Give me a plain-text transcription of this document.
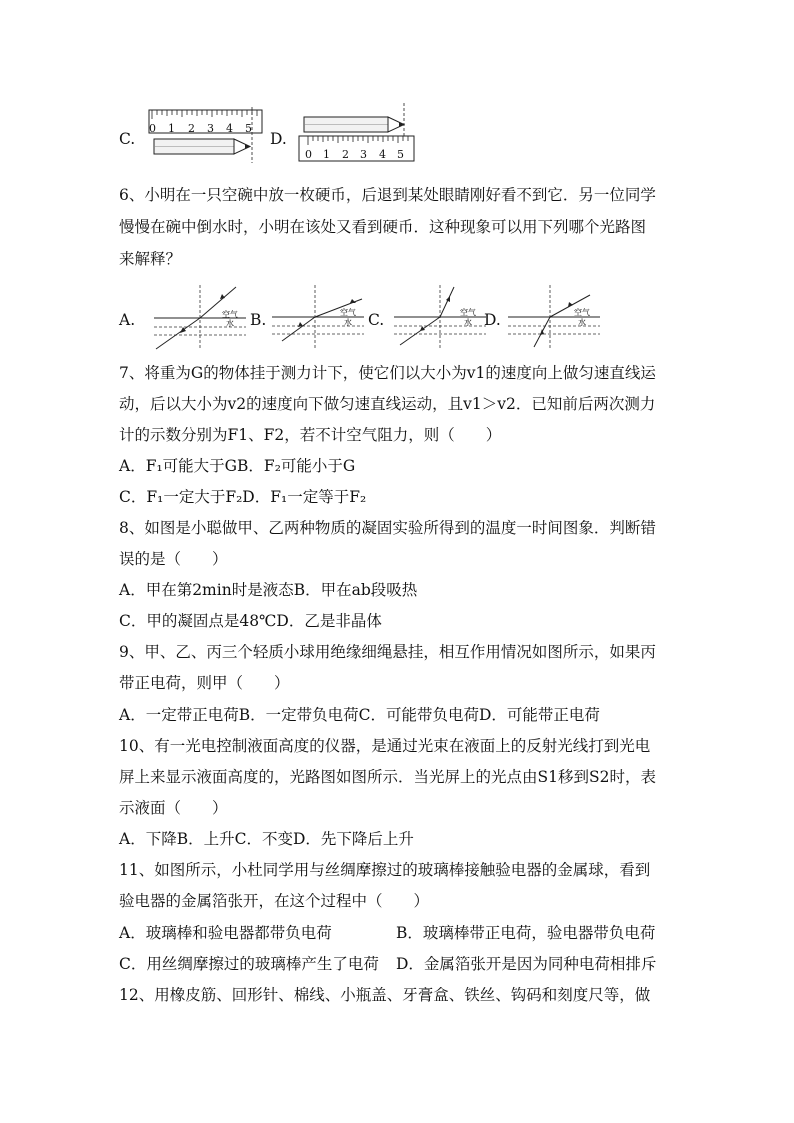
C.
0 1 2 3 4 5
D.
0 1 2 3 4 5
6、小明在一只空碗中放一枚硬币，后退到某处眼睛刚好看不到它．另一位同学
慢慢在碗中倒水时，小明在该处又看到硬币．这种现象可以用下列哪个光路图
来解释？
A.	空气
水 B.	空气
水 C.	空气
水 D.	空气
水
7、将重为G的物体挂于测力计下，使它们以大小为v1的速度向上做匀速直线运
动，后以大小为v2的速度向下做匀速直线运动，且v1＞v2．已知前后两次测力
计的示数分别为F1、F2，若不计空气阻力，则（　　）
A．F₁可能大于GB．F₂可能小于G
C．F₁一定大于F₂D．F₁一定等于F₂
8、如图是小聪做甲、乙两种物质的凝固实验所得到的温度一时间图象．判断错
误的是（　　）
A．甲在第2min时是液态B．甲在ab段吸热
C．甲的凝固点是48℃D．乙是非晶体
9、甲、乙、丙三个轻质小球用绝缘细绳悬挂，相互作用情况如图所示，如果丙
带正电荷，则甲（　　）
A．一定带正电荷B．一定带负电荷C．可能带负电荷D．可能带正电荷
10、有一光电控制液面高度的仪器，是通过光束在液面上的反射光线打到光电
屏上来显示液面高度的，光路图如图所示．当光屏上的光点由S1移到S2时，表
示液面（　　）
A．下降B．上升C．不变D．先下降后上升
11、如图所示，小杜同学用与丝绸摩擦过的玻璃棒接触验电器的金属球，看到
验电器的金属箔张开，在这个过程中（　　）
A．玻璃棒和验电器都带负电荷	B．玻璃棒带正电荷，验电器带负电荷
C．用丝绸摩擦过的玻璃棒产生了电荷 D．金属箔张开是因为同种电荷相排斥
12、用橡皮筋、回形针、棉线、小瓶盖、牙膏盒、铁丝、钩码和刻度尺等，做
